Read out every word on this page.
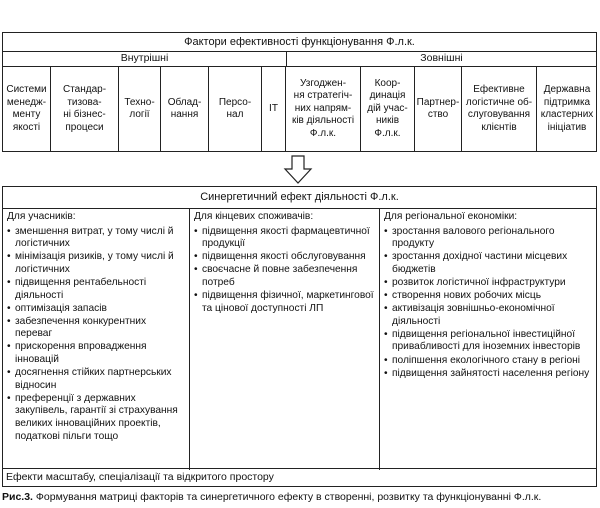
Фактори ефективності функціонування Ф.л.к.
Внутрішні	Зовнішні
Системи
менедж-
менту
якості
Стандар-
тизова-
ні бізнес-
процеси
Техно-
логії
Облад-
нання
Персо-
нал
IT
Узгоджен-
ня стратегіч-
них напрям-
ків діяльності
Ф.л.к.
Коор-
динація
дій учас-
ників
Ф.л.к.
Партнер-
ство
Ефективне
логістичне об-
слуговування
клієнтів
Державна
підтримка
кластерних
ініціатив
Синергетичний ефект діяльності Ф.л.к.
Для учасників:
• зменшення витрат, у тому числі й логістичних
• мінімізація ризиків, у тому числі й логістичних
• підвищення рентабельності діяльності
• оптимізація запасів
• забезпечення конкурентних переваг
• прискорення впровадження інновацій
• досягнення стійких партнерських відносин
• преференції з державних закупівель, гарантії зі страхування великих інноваційних проектів, податкові пільги тощо
Для кінцевих споживачів:
• підвищення якості фармацевтичної продукції
• підвищення якості обслуговування
• своєчасне й повне забезпечення потреб
• підвищення фізичної, маркетингової та цінової доступності ЛП
Для регіональної економіки:
• зростання валового регіонального продукту
• зростання дохідної частини місцевих бюджетів
• розвиток логістичної інфраструктури
• створення нових робочих місць
• активізація зовнішньо-економічної діяльності
• підвищення регіональної інвестиційної привабливості для іноземних інвесторів
• поліпшення екологічного стану в регіоні
• підвищення зайнятості населення регіону
Ефекти масштабу, спеціалізації та відкритого простору
Рис.3. Формування матриці факторів та синергетичного ефекту в створенні, розвитку та функціонуванні Ф.л.к.
